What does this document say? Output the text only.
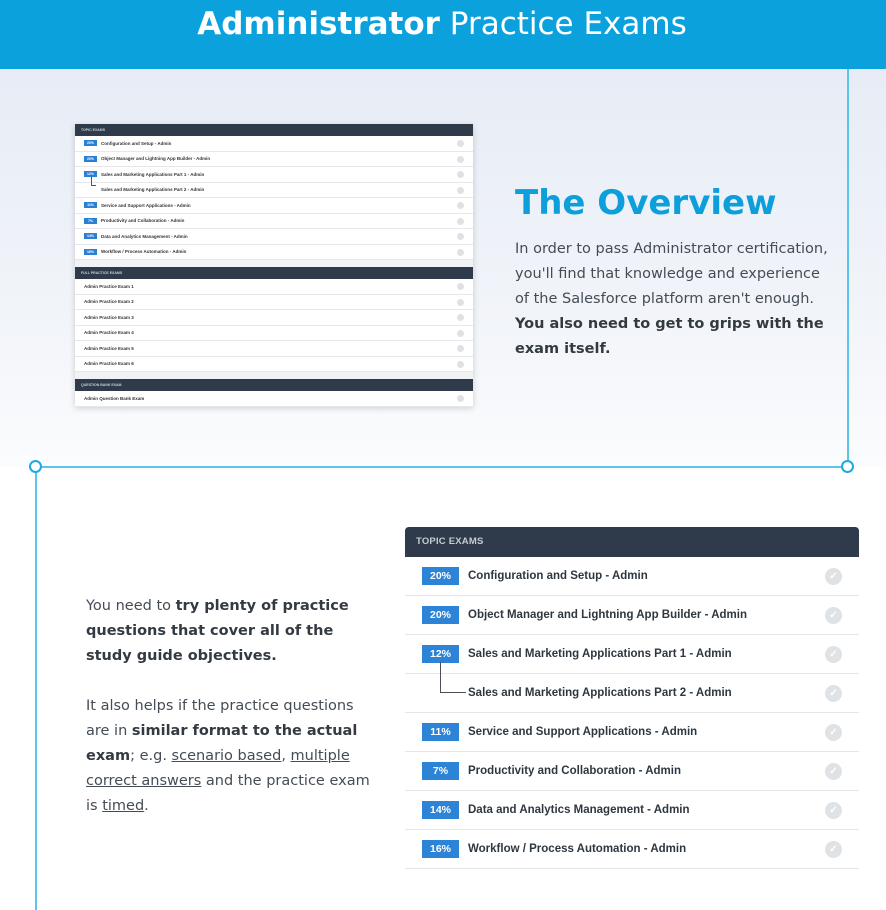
Administrator Practice Exams
TOPIC EXAMS
20%	Configuration and Setup - Admin
20%	Object Manager and Lightning App Builder - Admin
12%	Sales and Marketing Applications Part 1 - Admin
Sales and Marketing Applications Part 2 - Admin
11%	Service and Support Applications - Admin
7%	Productivity and Collaboration - Admin
14%	Data and Analytics Management - Admin
16%	Workflow / Process Automation - Admin
FULL PRACTICE EXAMS
Admin Practice Exam 1
Admin Practice Exam 2
Admin Practice Exam 3
Admin Practice Exam 4
Admin Practice Exam 5
Admin Practice Exam 6
QUESTION BANK EXAM
Admin Question Bank Exam
The Overview

In order to pass Administrator certification, you'll find that knowledge and experience of the Salesforce platform aren't enough. You also need to get to grips with the exam itself.

You need to try plenty of practice questions that cover all of the study guide objectives.

It also helps if the practice questions are in similar format to the actual exam; e.g. scenario based, multiple correct answers and the practice exam is timed.

TOPIC EXAMS
20%	Configuration and Setup - Admin	✓
20%	Object Manager and Lightning App Builder - Admin	✓
12%	Sales and Marketing Applications Part 1 - Admin	✓
Sales and Marketing Applications Part 2 - Admin	✓
11%	Service and Support Applications - Admin	✓
7%	Productivity and Collaboration - Admin	✓
14%	Data and Analytics Management - Admin	✓
16%	Workflow / Process Automation - Admin	✓
